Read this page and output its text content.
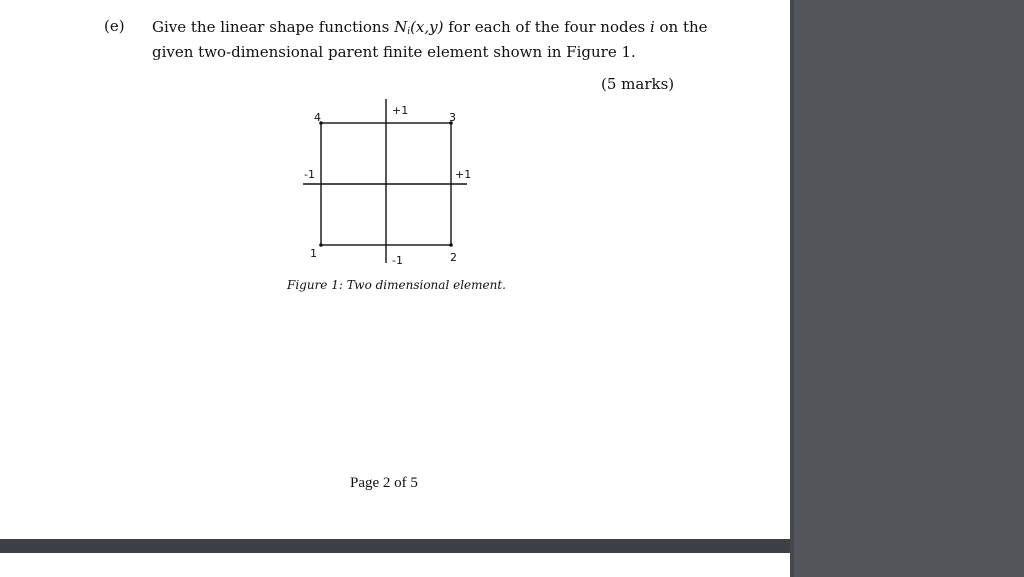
(e) Give the linear shape functions $N_i(x,y)$ for each of the four nodes i on the
given two-dimensional parent finite element shown in Figure 1.
(5 marks)
+1
-1
-1	+1
1	2
3
4
Figure 1: Two dimensional element.
Page 2 of 5
